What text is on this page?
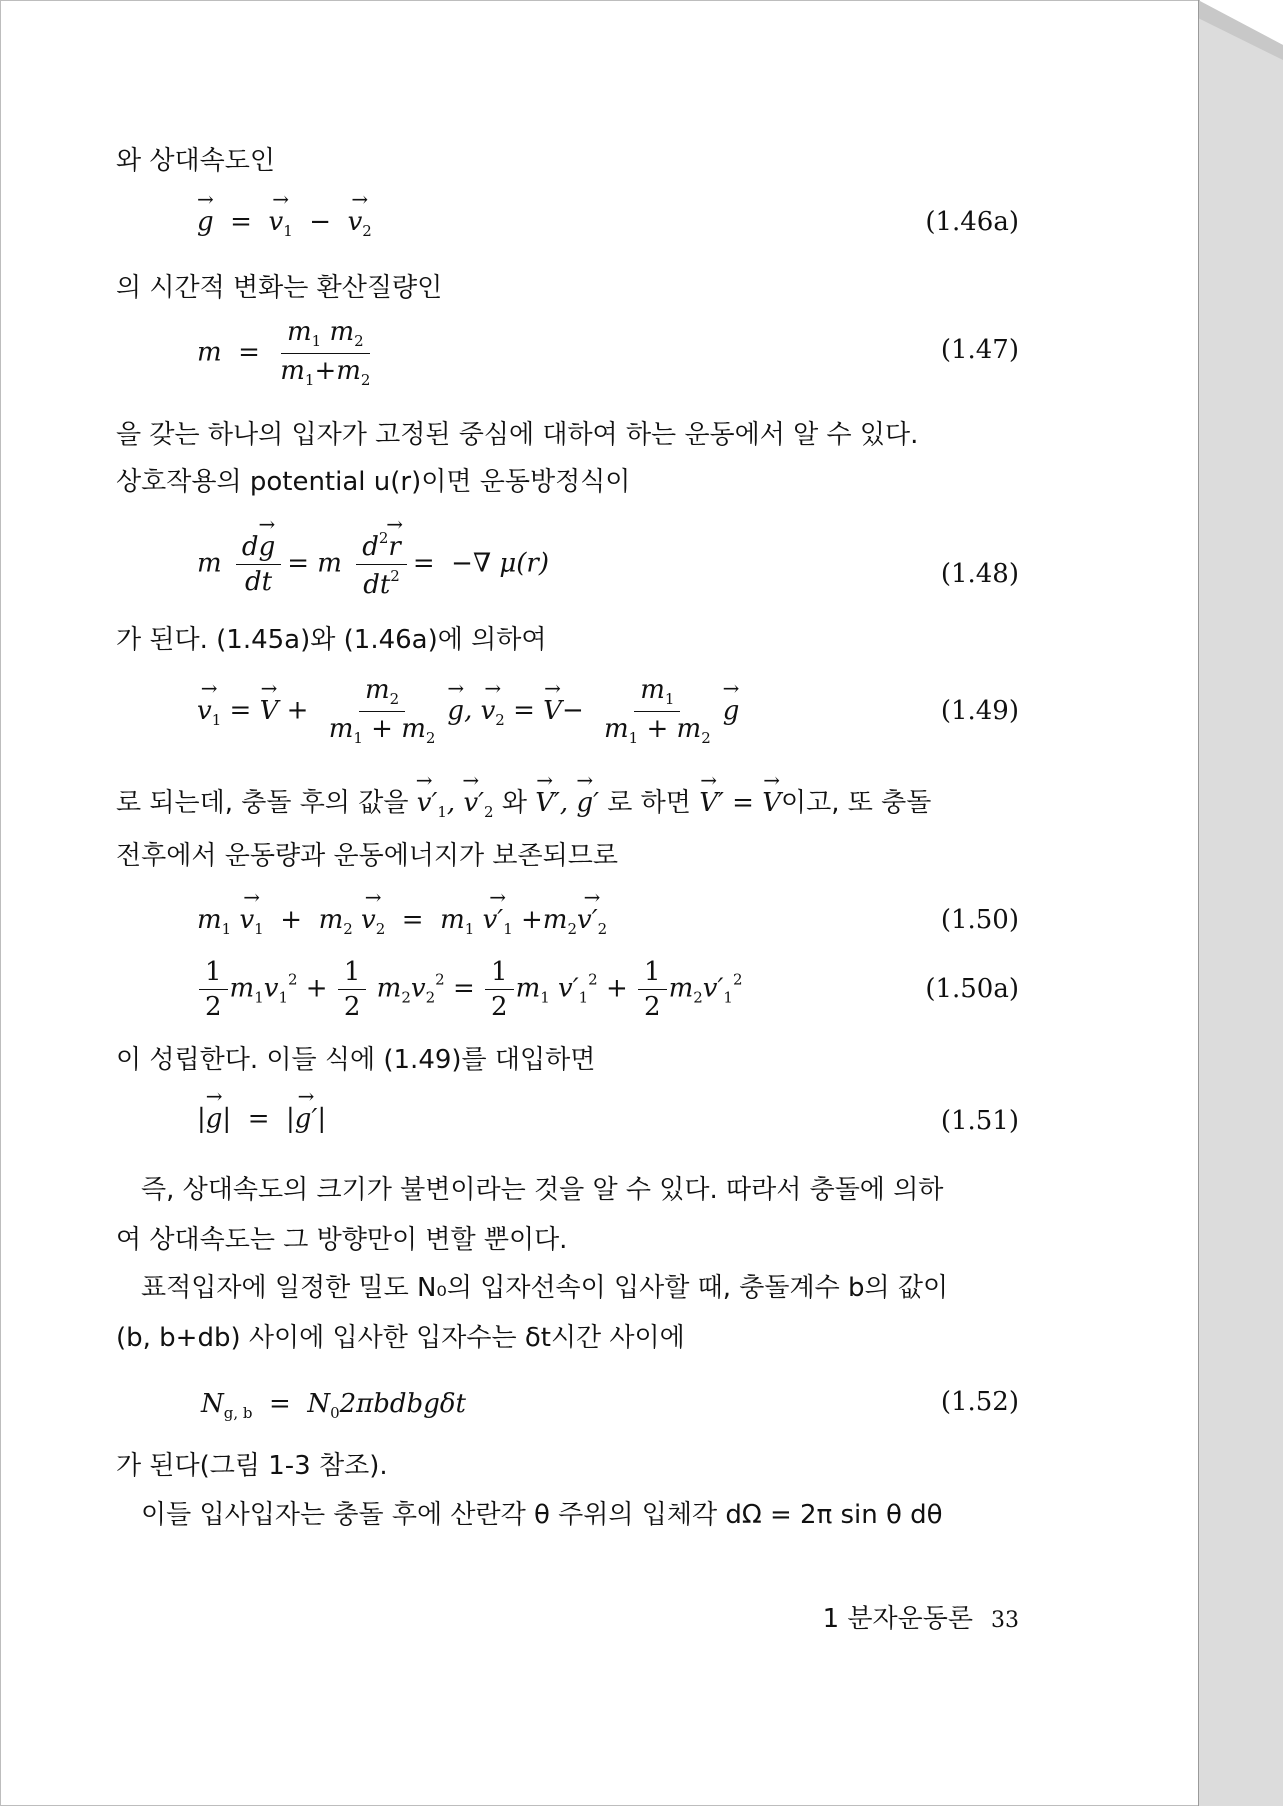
와 상대속도인
→ g  =  → $v_1$  −  → $v_2$	(1.46a)
의 시간적 변화는 환산질량인
$m = \frac{m_1 m_2}{m_1+m_2}$	(1.47)
을 갖는 하나의 입자가 고정된 중심에 대하여 하는 운동에서 알 수 있다.
상호작용의 potential u(r)이면 운동방정식이
m $\frac{d\to g}{dt} = m \frac{d^2\to r}{dt^2}$ =  −∇ μ(r)	(1.48)
가 된다. (1.45a)와 (1.46a)에 의하여
→ $v_1$ = → $V + \frac{m_2}{m_1 + m_2}$
→ g, → $v_2$ = → $V- \frac{m_1}{m_1 + m_2}$
→ g	(1.49)
로 되는데, 충돌 후의 값을 → $v'_1$, → $v'_2$ 와 → V′, → g′ 로 하면 → V′ = → V이고, 또 충돌
전후에서 운동량과 운동에너지가 보존되므로
$m_1 \to v_1 + m_2 \to v_2 = m_1 \to v'_1 +m_2\to v'_2$	(1.50)
$\frac{1}{2} m_1v_1^2 + \frac{1}{2} m_2v_2^2 = \frac{1}{2} m_1$ $v'_1^2 + \frac{1}{2} m_2v'_1^2$	(1.50a)
이 성립한다. 이들 식에 (1.49)를 대입하면
|→ g|  =  |→ g′|	(1.51)
즉, 상대속도의 크기가 불변이라는 것을 알 수 있다. 따라서 충돌에 의하
여 상대속도는 그 방향만이 변할 뿐이다.
표적입자에 일정한 밀도 N₀의 입자선속이 입사할 때, 충돌계수 b의 값이
(b, b+db) 사이에 입사한 입자수는 δt시간 사이에
$N_{g, b}$  =  $N_02\pi bdbg\delta t$	(1.52)
가 된다(그림 1-3 참조).
이들 입사입자는 충돌 후에 산란각 θ 주위의 입체각 dΩ = 2π sin θ dθ
1 분자운동론 33
